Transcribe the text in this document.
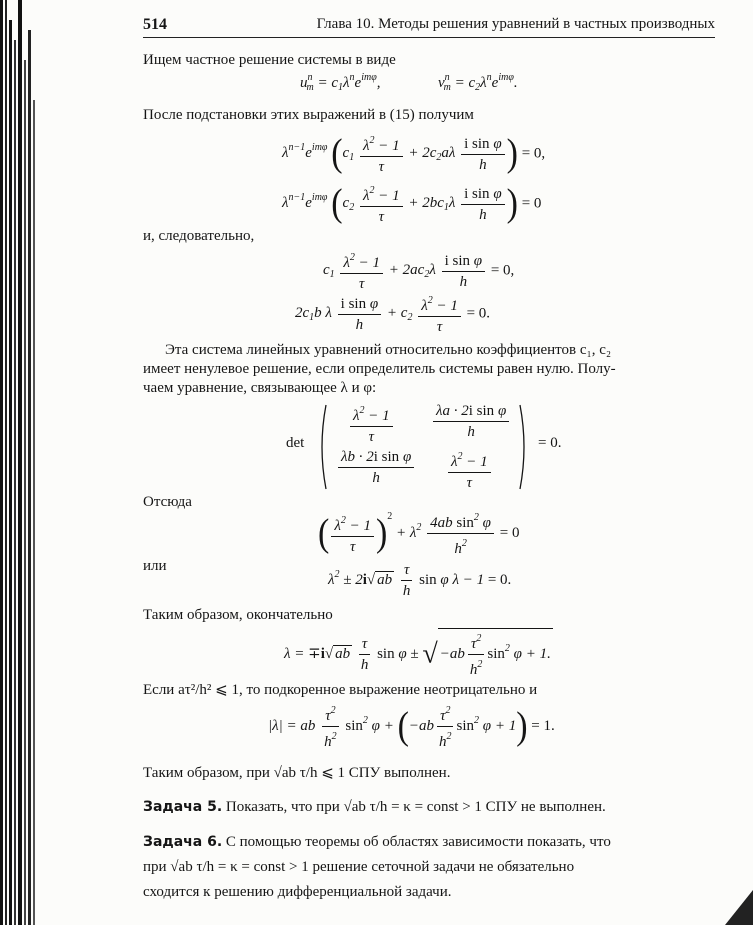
514	Глава 10. Методы решения уравнений в частных производных
Ищем частное решение системы в виде
$u^n_m = c_1\lambda^ne^{im\varphi}$,	$v^n_m = c_2\lambda^ne^{im\varphi}$.
После подстановки этих выражений в (15) получим
$\lambda^{n-1}e^{im\varphi}$ ($c_1 \frac{\lambda^2 - 1}{\tau} + 2c_2a\lambda \frac{\text{i sin φ}}{h}$ ) = 0,
$\lambda^{n-1}e^{im\varphi}$ ($c_2 \frac{\lambda^2 - 1}{\tau} + 2bc_1\lambda \frac{\text{i sin φ}}{h}$ ) = 0
и, следовательно,
$c_1 \frac{\lambda^2 - 1}{\tau} + 2ac_2\lambda \frac{\text{i sin φ}}{h} = 0$,
$2c_1b$ λ $\frac{\text{i sin φ}}{h} + c_2 \frac{\lambda^2 - 1}{\tau} = 0$.
Эта система линейных уравнений относительно коэффициентов c₁, c₂
имеет ненулевое решение, если определитель системы равен нулю. Полу-
чаем уравнение, связывающее λ и φ:
det	$\frac{\lambda^2 - 1}{\tau}$	$\frac{\text{λa · 2i sin φ}}{h}$
$\frac{\text{λb · 2i sin φ}}{h} \frac{\lambda^2 - 1}{\tau}$
= 0.
Отсюда
( $\frac{\lambda^2 - 1}{\tau} )^2 + \lambda^2 \frac{4ab \sin^2 \varphi}{h^2} = 0$
или
$\lambda^2 \pm 2i√$ ab $\frac{\tau}{h}$ sin φ λ − 1 = 0.
Таким образом, окончательно
λ = ∓i√ ab $\frac{\tau}{h}$ sin φ ± √ $-ab \frac{\tau^2}{h^2} \sin^2 \varphi + 1$.
Если aτ²/h² ⩽ 1, то подкоренное выражение неотрицательно и
|λ| = ab $\frac{\tau^2}{h^2} \sin^2 \varphi + (-ab \frac{\tau^2}{h^2} \sin^2 \varphi + 1) = 1$.
Таким образом, при √ab τ/h ⩽ 1 СПУ выполнен.
Задача 5. Показать, что при √ab τ/h = κ = const > 1 СПУ не выполнен.
Задача 6. С помощью теоремы об областях зависимости показать, что
при √ab τ/h = κ = const > 1 решение сеточной задачи не обязательно
сходится к решению дифференциальной задачи.
